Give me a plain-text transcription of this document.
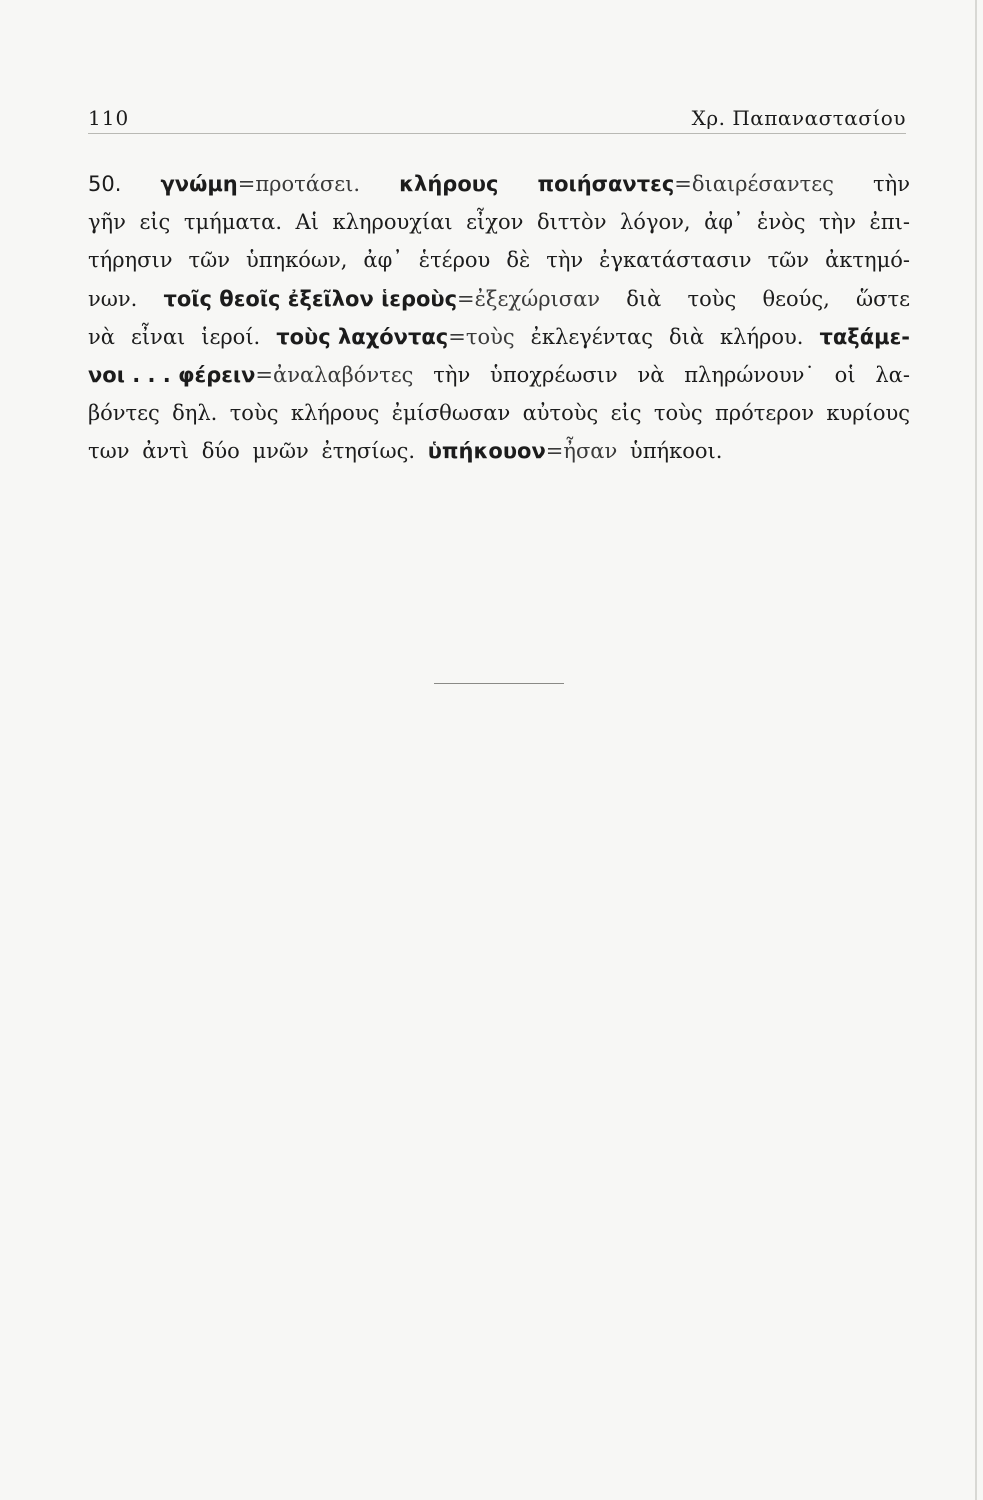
110	Χρ. Παπαναστασίου
50. γνώμη=προτάσει. κλήρους ποιήσαντες=διαιρέσαντες τὴν
γῆν εἰς τμήματα. Αἱ κληρουχίαι εἶχον διττὸν λόγον, ἀφ᾽ ἑνὸς τὴν ἐπι-
τήρησιν τῶν ὑπηκόων, ἀφ᾽ ἑτέρου δὲ τὴν ἐγκατάστασιν τῶν ἀκτημό-
νων. τοῖς θεοῖς ἐξεῖλον ἱεροὺς=ἐξεχώρισαν διὰ τοὺς θεούς, ὥστε
νὰ εἶναι ἱεροί. τοὺς λαχόντας=τοὺς ἐκλεγέντας διὰ κλήρου. ταξάμε-
νοι . . . φέρειν=ἀναλαβόντες τὴν ὑποχρέωσιν νὰ πληρώνουν˙ οἱ λα-
βόντες δηλ. τοὺς κλήρους ἐμίσθωσαν αὐτοὺς εἰς τοὺς πρότερον κυρίους
των
ἀντὶ
δύο
μνῶν
ἐτησίως.
ὑπήκουον =ἦσαν
ὑπήκοοι.
